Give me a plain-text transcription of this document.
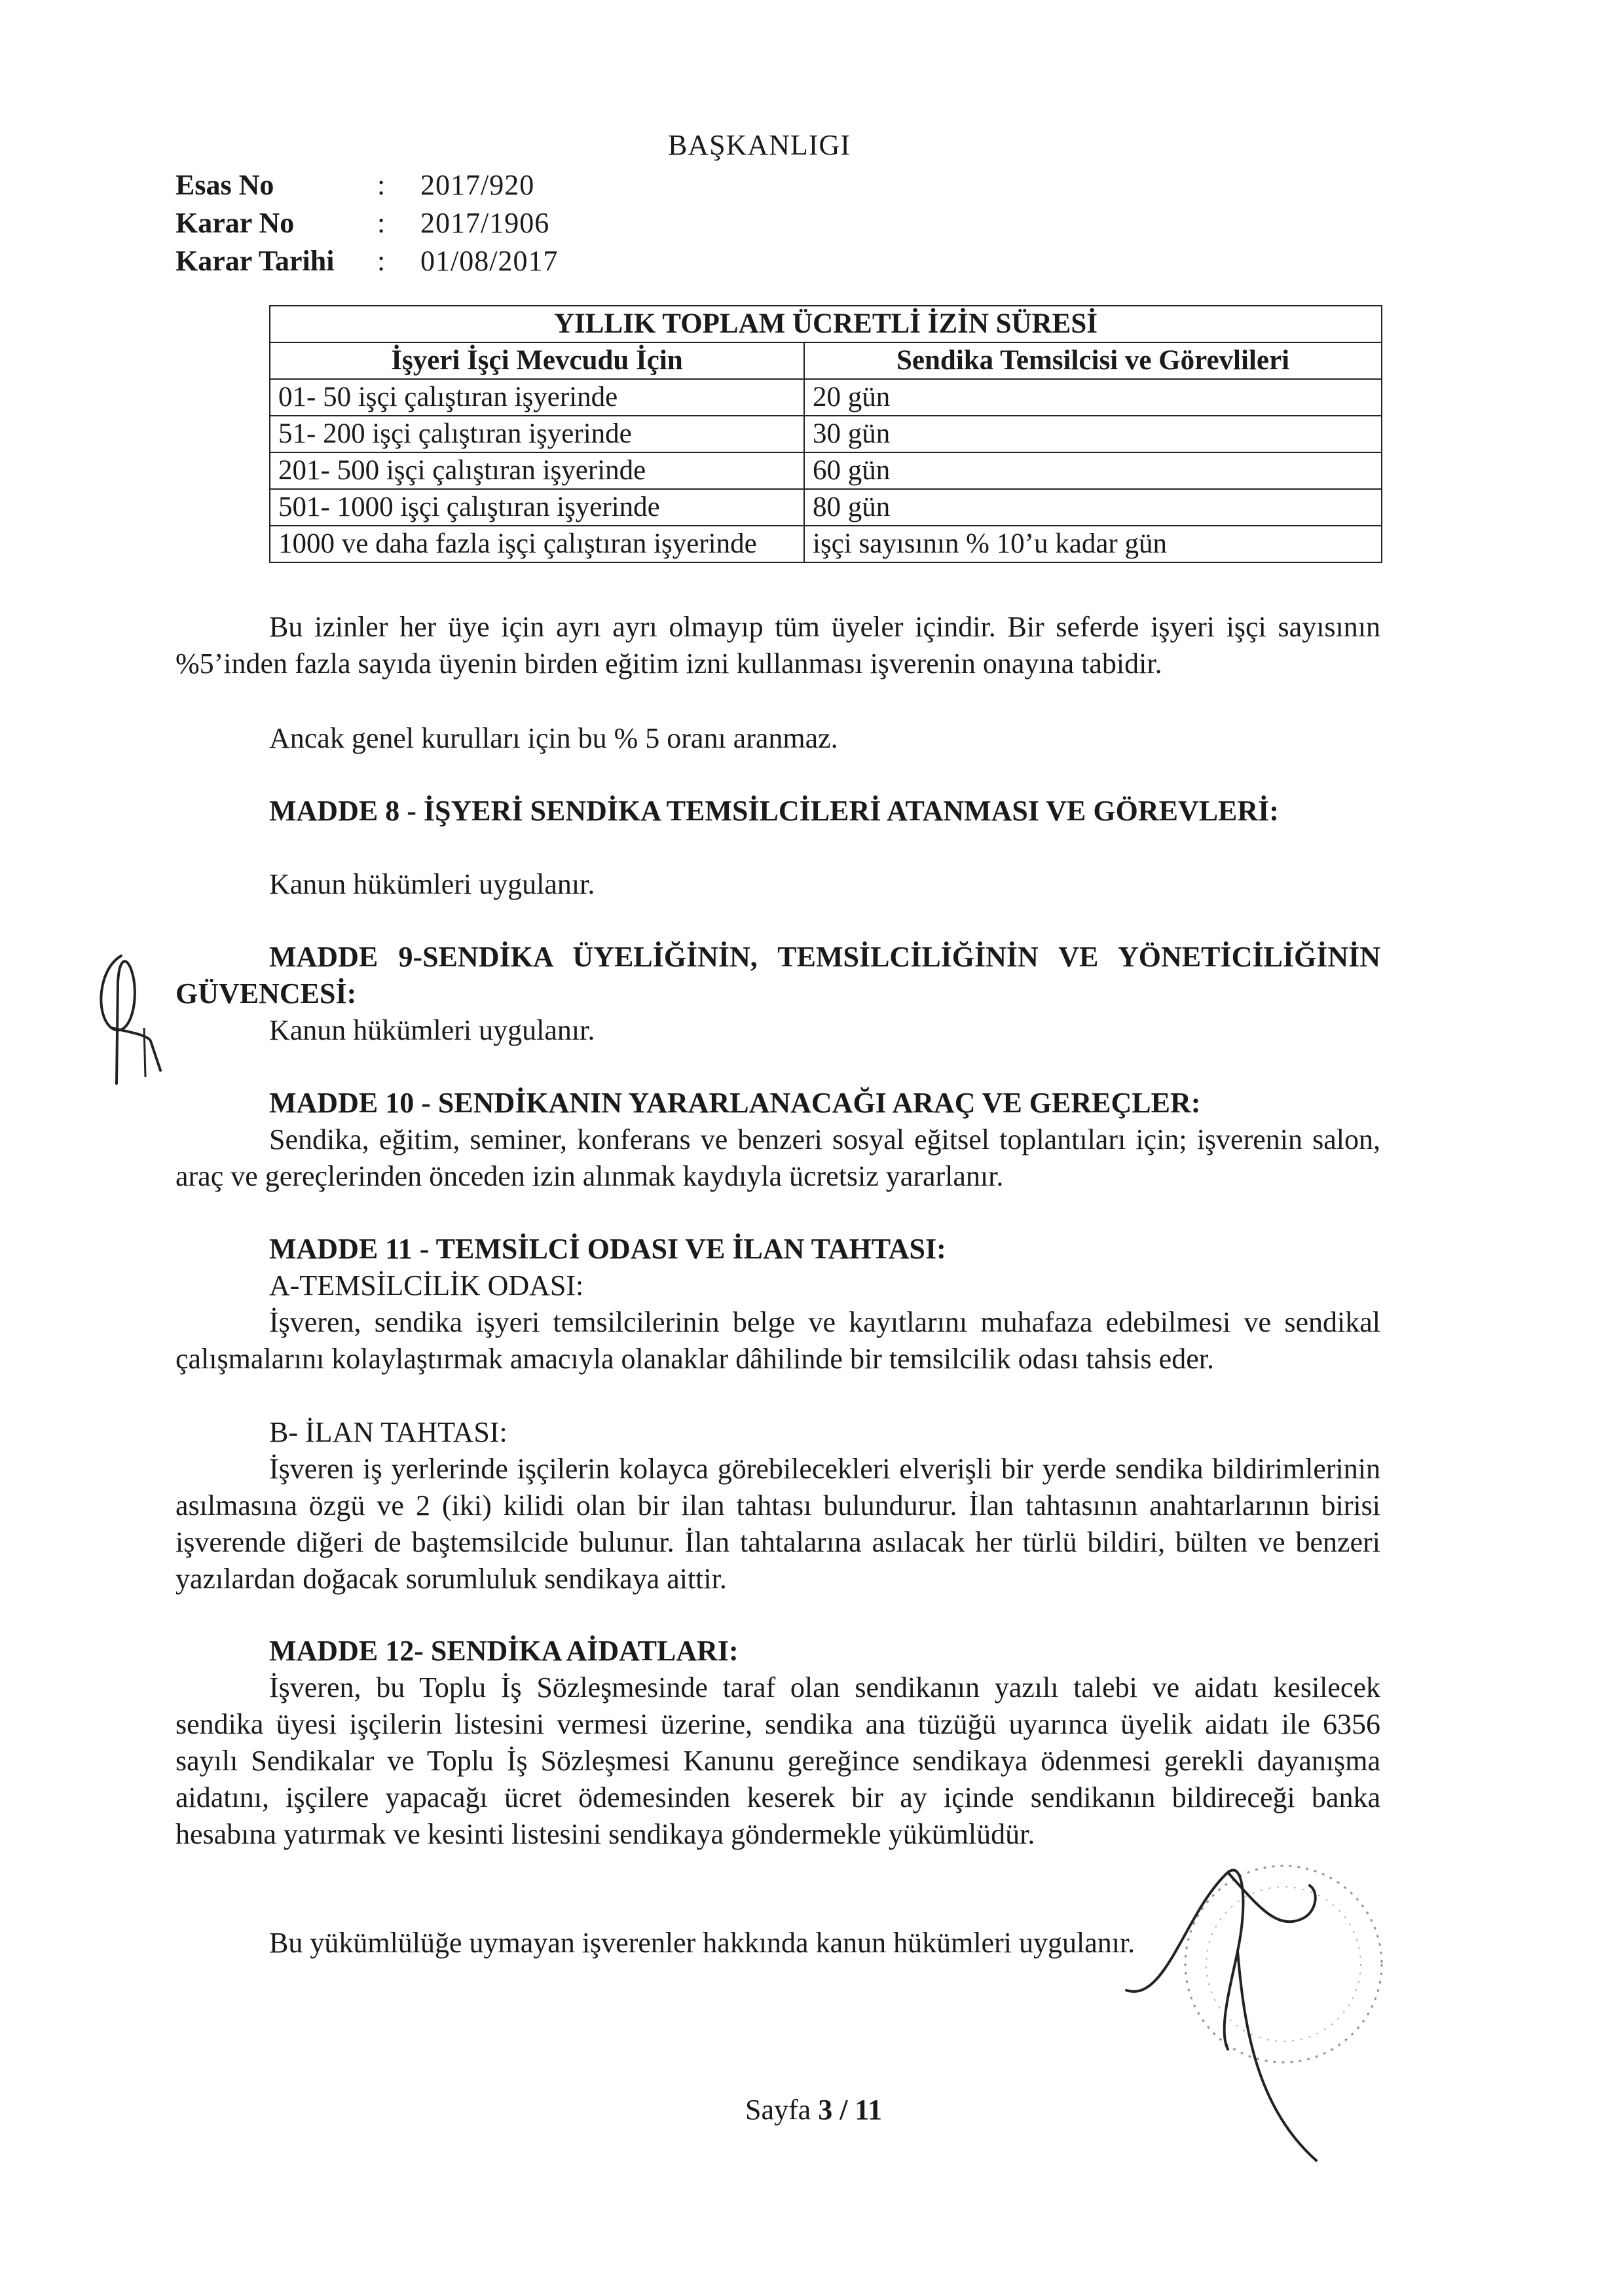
BAŞKANLIGI
Esas No	:	2017/920
Karar No	:	2017/1906
Karar Tarihi	:	01/08/2017
YILLIK TOPLAM ÜCRETLİ İZİN SÜRESİ	
İşyeri İşçi Mevcudu İçin	Sendika Temsilcisi ve Görevlileri
01- 50 işçi çalıştıran işyerinde	20 gün
51- 200 işçi çalıştıran işyerinde	30 gün
201- 500 işçi çalıştıran işyerinde	60 gün
501- 1000 işçi çalıştıran işyerinde	80 gün
1000 ve daha fazla işçi çalıştıran işyerinde	işçi sayısının % 10’u kadar gün
Bu izinler her üye için ayrı ayrı olmayıp tüm üyeler içindir. Bir seferde işyeri işçi sayısının %5’inden fazla sayıda üyenin birden eğitim izni kullanması işverenin onayına tabidir.
Ancak genel kurulları için bu % 5 oranı aranmaz.
MADDE 8 - İŞYERİ SENDİKA TEMSİLCİLERİ ATANMASI VE GÖREVLERİ:
Kanun hükümleri uygulanır.
MADDE 9-SENDİKA ÜYELİĞİNİN, TEMSİLCİLİĞİNİN VE YÖNETİCİLİĞİNİN GÜVENCESİ:
Kanun hükümleri uygulanır.
MADDE 10 - SENDİKANIN YARARLANACAĞI ARAÇ VE GEREÇLER:
Sendika, eğitim, seminer, konferans ve benzeri sosyal eğitsel toplantıları için; işverenin salon, araç ve gereçlerinden önceden izin alınmak kaydıyla ücretsiz yararlanır.
MADDE 11 - TEMSİLCİ ODASI VE İLAN TAHTASI:
A-TEMSİLCİLİK ODASI:
İşveren, sendika işyeri temsilcilerinin belge ve kayıtlarını muhafaza edebilmesi ve sendikal çalışmalarını kolaylaştırmak amacıyla olanaklar dâhilinde bir temsilcilik odası tahsis eder.
B- İLAN TAHTASI:
İşveren iş yerlerinde işçilerin kolayca görebilecekleri elverişli bir yerde sendika bildirimlerinin asılmasına özgü ve 2 (iki) kilidi olan bir ilan tahtası bulundurur. İlan tahtasının anahtarlarının birisi işverende diğeri de baştemsilcide bulunur. İlan tahtalarına asılacak her türlü bildiri, bülten ve benzeri yazılardan doğacak sorumluluk sendikaya aittir.
MADDE 12- SENDİKA AİDATLARI:
İşveren, bu Toplu İş Sözleşmesinde taraf olan sendikanın yazılı talebi ve aidatı kesilecek sendika üyesi işçilerin listesini vermesi üzerine, sendika ana tüzüğü uyarınca üyelik aidatı ile 6356 sayılı Sendikalar ve Toplu İş Sözleşmesi Kanunu gereğince sendikaya ödenmesi gerekli dayanışma aidatını, işçilere yapacağı ücret ödemesinden keserek bir ay içinde sendikanın bildireceği banka hesabına yatırmak ve kesinti listesini sendikaya göndermekle yükümlüdür.
Bu yükümlülüğe uymayan işverenler hakkında kanun hükümleri uygulanır.
Sayfa 3 / 11
